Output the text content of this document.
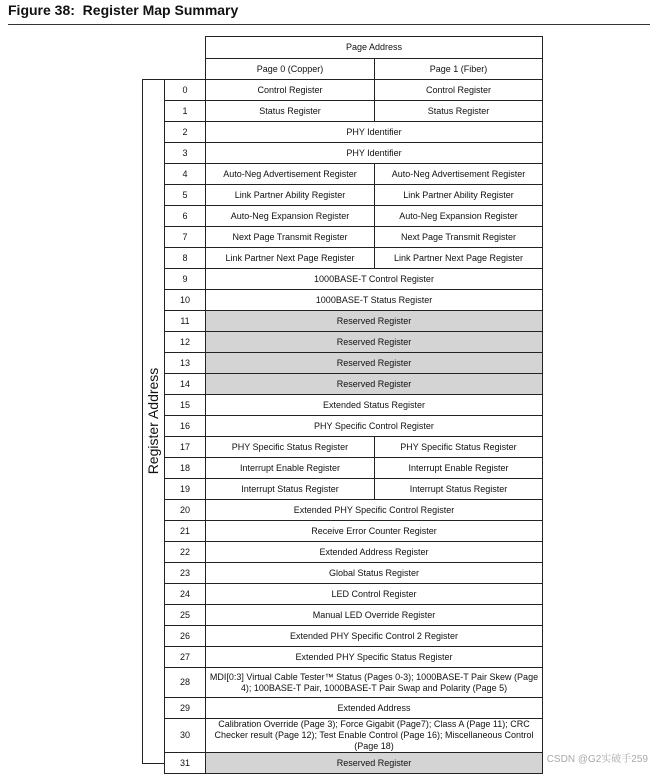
Figure 38:  Register Map Summary
Register Address
	Page Address	
	Page 0 (Copper)	Page 1 (Fiber)
0	Control Register	Control Register
1	Status Register	Status Register
2	PHY Identifier	
3	PHY Identifier	
4	Auto-Neg Advertisement Register	Auto-Neg Advertisement Register
5	Link Partner Ability Register	Link Partner Ability Register
6	Auto-Neg Expansion Register	Auto-Neg Expansion Register
7	Next Page Transmit Register	Next Page Transmit Register
8	Link Partner Next Page Register	Link Partner Next Page Register
9	1000BASE-T Control Register	
10	1000BASE-T Status Register	
11	Reserved Register	
12	Reserved Register	
13	Reserved Register	
14	Reserved Register	
15	Extended Status Register	
16	PHY Specific Control Register	
17	PHY Specific Status Register	PHY Specific Status Register
18	Interrupt Enable Register	Interrupt Enable Register
19	Interrupt Status Register	Interrupt Status Register
20	Extended PHY Specific Control Register	
21	Receive Error Counter Register	
22	Extended Address Register	
23	Global Status Register	
24	LED Control Register	
25	Manual LED Override Register	
26	Extended PHY Specific Control 2 Register	
27	Extended PHY Specific Status Register	
28	MDI[0:3] Virtual Cable Tester™ Status (Pages 0-3); 1000BASE-T Pair Skew (Page 4); 100BASE-T Pair, 1000BASE-T Pair Swap and Polarity (Page 5)	
29	Extended Address	
30	Calibration Override (Page 3); Force Gigabit (Page7); Class A (Page 11); CRC Checker result (Page 12); Test Enable Control (Page 16); Miscellaneous Control (Page 18)	
31	Reserved Register		CSDN @G2实破手259
